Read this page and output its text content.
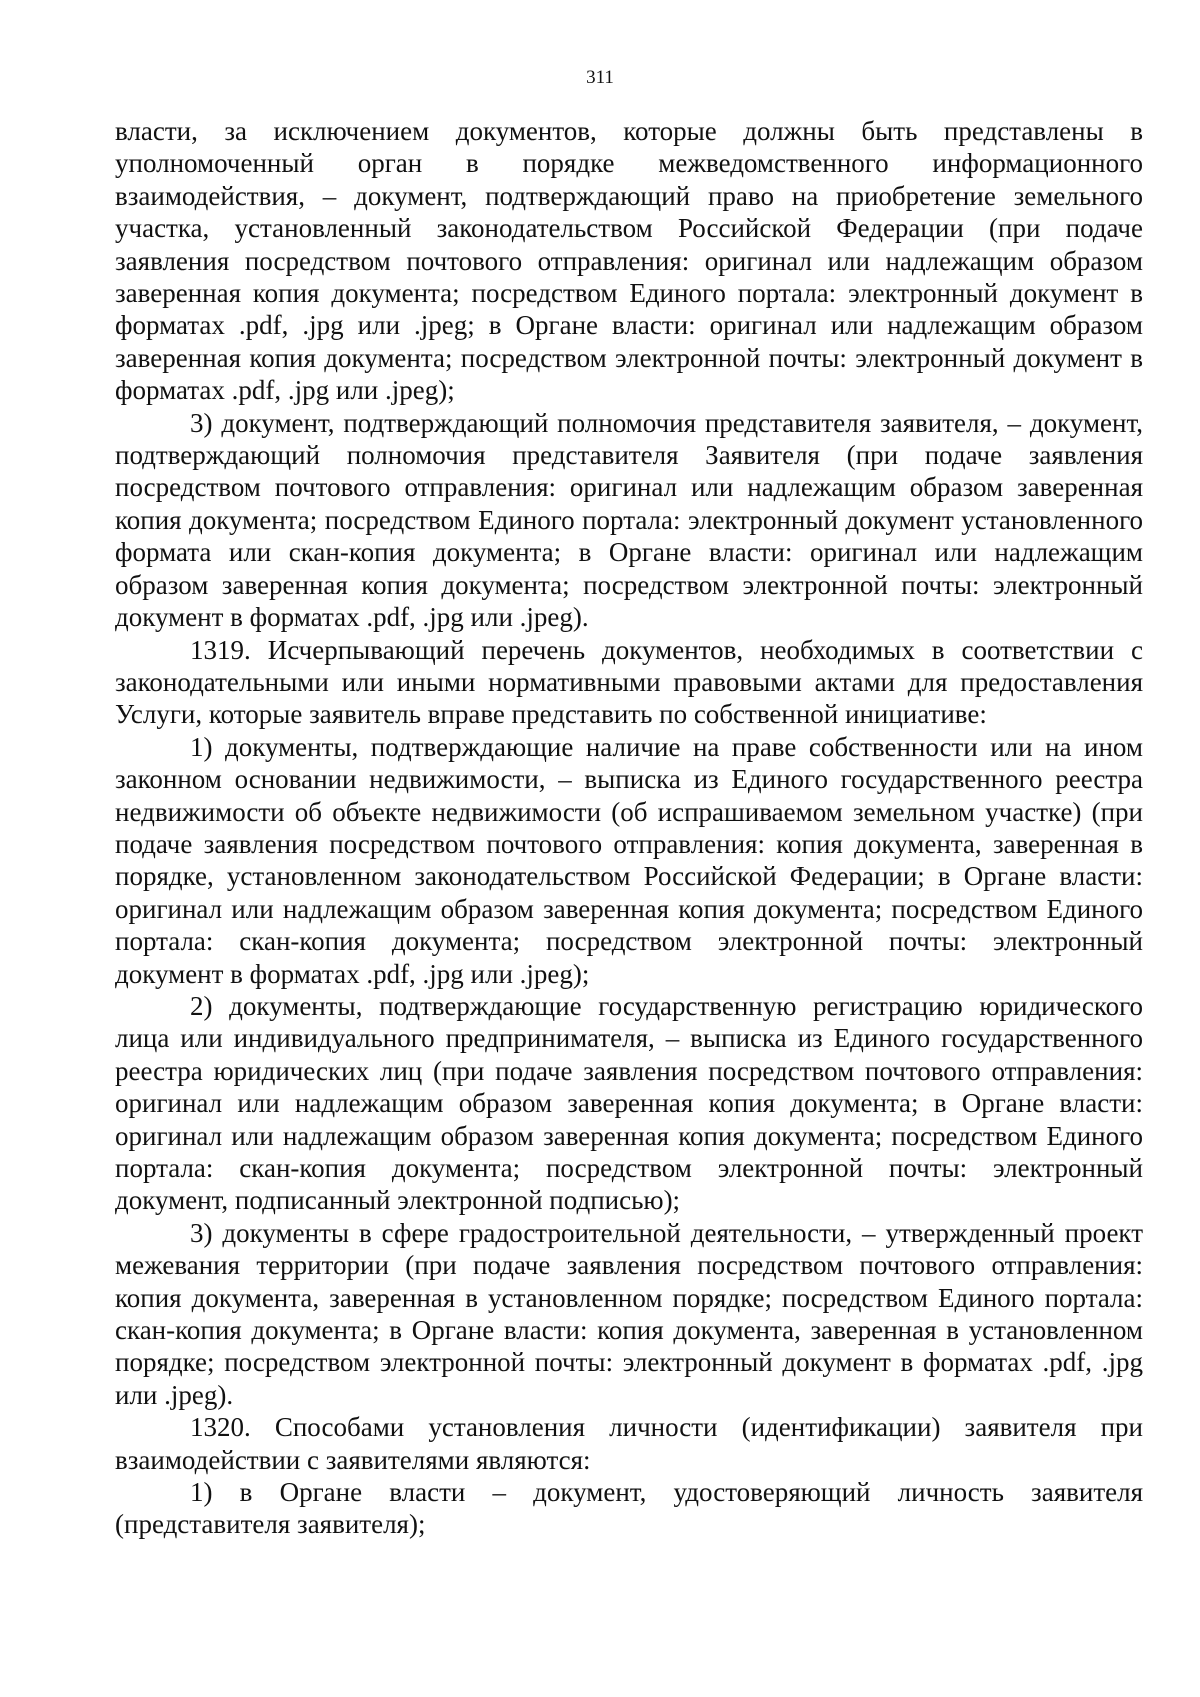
311

власти, за исключением документов, которые должны быть представлены в уполномоченный орган в порядке межведомственного информационного взаимодействия, – документ, подтверждающий право на приобретение земельного участка, установленный законодательством Российской Федерации (при подаче заявления посредством почтового отправления: оригинал или надлежащим образом заверенная копия документа; посредством Единого портала: электронный документ в форматах .pdf, .jpg или .jpeg; в Органе власти: оригинал или надлежащим образом заверенная копия документа; посредством электронной почты: электронный документ в форматах .pdf, .jpg или .jpeg);

3) документ, подтверждающий полномочия представителя заявителя, – документ, подтверждающий полномочия представителя Заявителя (при подаче заявления посредством почтового отправления: оригинал или надлежащим образом заверенная копия документа; посредством Единого портала: электронный документ установленного формата или скан-копия документа; в Органе власти: оригинал или надлежащим образом заверенная копия документа; посредством электронной почты: электронный документ в форматах .pdf, .jpg или .jpeg).

1319. Исчерпывающий перечень документов, необходимых в соответствии с законодательными или иными нормативными правовыми актами для предоставления Услуги, которые заявитель вправе представить по собственной инициативе:

1) документы, подтверждающие наличие на праве собственности или на ином законном основании недвижимости, – выписка из Единого государственного реестра недвижимости об объекте недвижимости (об испрашиваемом земельном участке) (при подаче заявления посредством почтового отправления: копия документа, заверенная в порядке, установленном законодательством Российской Федерации; в Органе власти: оригинал или надлежащим образом заверенная копия документа; посредством Единого портала: скан-копия документа; посредством электронной почты: электронный документ в форматах .pdf, .jpg или .jpeg);

2) документы, подтверждающие государственную регистрацию юридического лица или индивидуального предпринимателя, – выписка из Единого государственного реестра юридических лиц (при подаче заявления посредством почтового отправления: оригинал или надлежащим образом заверенная копия документа; в Органе власти: оригинал или надлежащим образом заверенная копия документа; посредством Единого портала: скан-копия документа; посредством электронной почты: электронный документ, подписанный электронной подписью);

3) документы в сфере градостроительной деятельности, – утвержденный проект межевания территории (при подаче заявления посредством почтового отправления: копия документа, заверенная в установленном порядке; посредством Единого портала: скан-копия документа; в Органе власти: копия документа, заверенная в установленном порядке; посредством электронной почты: электронный документ в форматах .pdf, .jpg или .jpeg).

1320. Способами установления личности (идентификации) заявителя при взаимодействии с заявителями являются:

1) в Органе власти – документ, удостоверяющий личность заявителя (представителя заявителя);
